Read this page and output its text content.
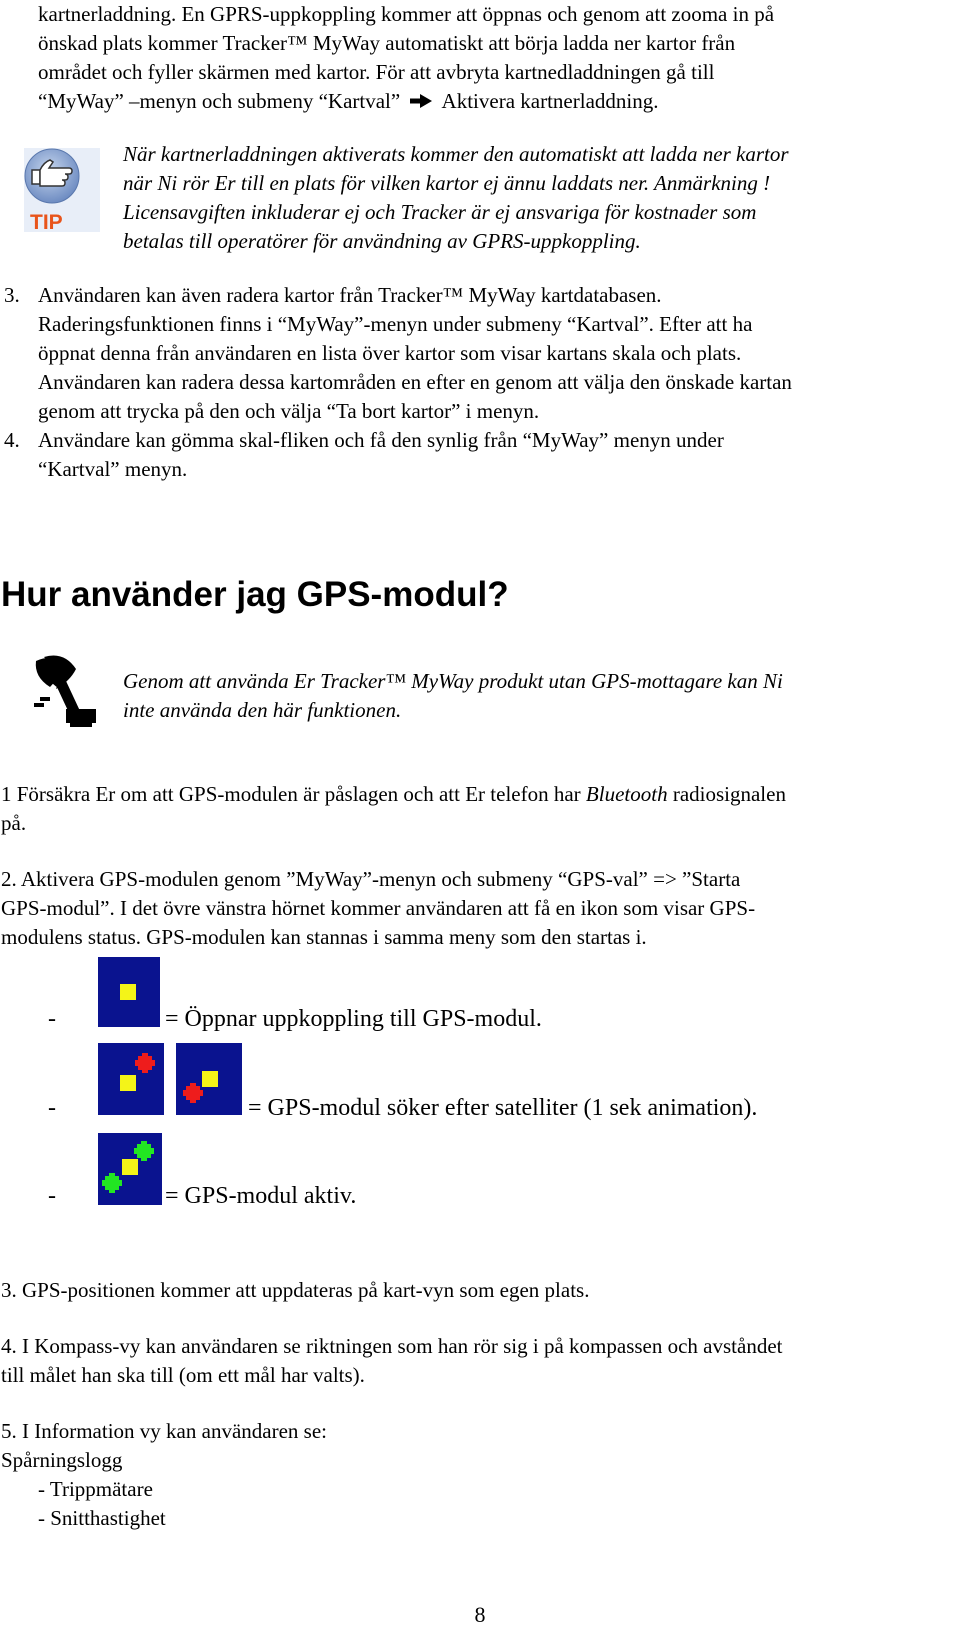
kartnerladdning. En GPRS-uppkoppling kommer att öppnas och genom att zooma in på
önskad plats kommer Tracker™ MyWay automatiskt att börja ladda ner kartor från
området och fyller skärmen med kartor. För att avbryta kartnedladdningen gå till
“MyWay” –menyn och submeny “Kartval” Aktivera kartnerladdning.
TIP
När kartnerladdningen aktiverats kommer den automatiskt att ladda ner kartor
när Ni rör Er till en plats för vilken kartor ej ännu laddats ner. Anmärkning !
Licensavgiften inkluderar ej och Tracker är ej ansvariga för kostnader som
betalas till operatörer för användning av GPRS-uppkoppling.
3. Användaren kan även radera kartor från Tracker™ MyWay kartdatabasen.
Raderingsfunktionen finns i “MyWay”-menyn under submeny “Kartval”. Efter att ha
öppnat denna från användaren en lista över kartor som visar kartans skala och plats.
Användaren kan radera dessa kartområden en efter en genom att välja den önskade kartan
genom att trycka på den och välja “Ta bort kartor” i menyn.
4. Användare kan gömma skal-fliken och få den synlig från “MyWay” menyn under
“Kartval” menyn.
Hur använder jag GPS-modul?
Genom att använda Er Tracker™ MyWay produkt utan GPS-mottagare kan Ni
inte använda den här funktionen.
1 Försäkra Er om att GPS-modulen är påslagen och att Er telefon har Bluetooth radiosignalen
på.
2. Aktivera GPS-modulen genom ”MyWay”-menyn och submeny “GPS-val” => ”Starta
GPS-modul”. I det övre vänstra hörnet kommer användaren att få en ikon som visar GPS-
modulens status. GPS-modulen kan stannas i samma meny som den startas i.
-	= Öppnar uppkoppling till GPS-modul.
-	= GPS-modul söker efter satelliter (1 sek animation).
-	= GPS-modul aktiv.
3. GPS-positionen kommer att uppdateras på kart-vyn som egen plats.
4. I Kompass-vy kan användaren se riktningen som han rör sig i på kompassen och avståndet
till målet han ska till (om ett mål har valts).
5. I Information vy kan användaren se:
Spårningslogg
- Trippmätare
- Snitthastighet
8
